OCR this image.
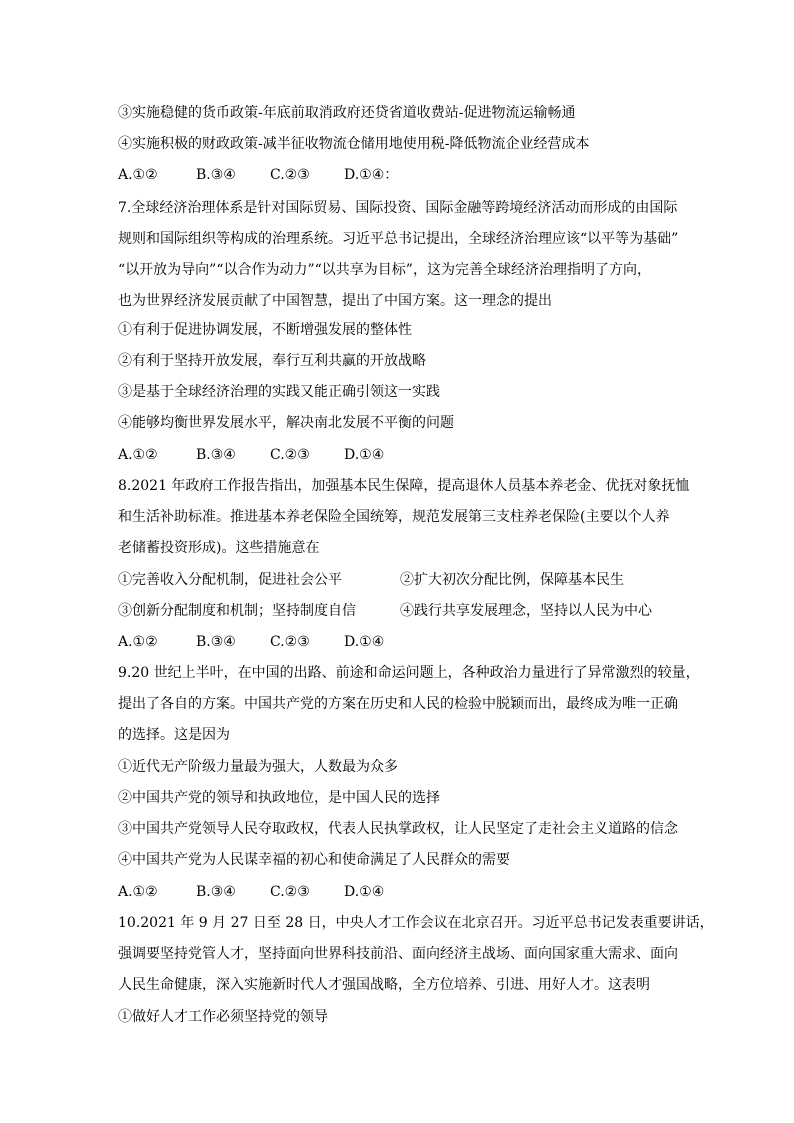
③实施稳健的货币政策-年底前取消政府还贷省道收费站-促进物流运输畅通
④实施积极的财政政策-减半征收物流仓储用地使用税-降低物流企业经营成本
A.①②	B.③④ C.②③ D.①④：
7.全球经济治理体系是针对国际贸易、国际投资、国际金融等跨境经济活动而形成的由国际
规则和国际组织等构成的治理系统。习近平总书记提出，全球经济治理应该“以平等为基础”
“以开放为导向”“以合作为动力”“以共享为目标”，这为完善全球经济治理指明了方向，
也为世界经济发展贡献了中国智慧，提出了中国方案。这一理念的提出
①有利于促进协调发展，不断增强发展的整体性
②有利于坚持开放发展，奉行互利共赢的开放战略
③是基于全球经济治理的实践又能正确引领这一实践
④能够均衡世界发展水平，解决南北发展不平衡的问题
A.①②	B.③④ C.②③ D.①④
8.2021 年政府工作报告指出，加强基本民生保障，提高退休人员基本养老金、优抚对象抚恤
和生活补助标准。推进基本养老保险全国统筹，规范发展第三支柱养老保险(主要以个人养
老储蓄投资形成)。这些措施意在
①完善收入分配机制，促进社会公平	②扩大初次分配比例，保障基本民生
③创新分配制度和机制；坚持制度自信	④践行共享发展理念，坚持以人民为中心
A.①②	B.③④ C.②③ D.①④
9.20 世纪上半叶，在中国的出路、前途和命运问题上，各种政治力量进行了异常激烈的较量，
提出了各自的方案。中国共产党的方案在历史和人民的检验中脱颖而出，最终成为唯一正确
的选择。这是因为
①近代无产阶级力量最为强大，人数最为众多
②中国共产党的领导和执政地位，是中国人民的选择
③中国共产党领导人民夺取政权，代表人民执掌政权，让人民坚定了走社会主义道路的信念
④中国共产党为人民谋幸福的初心和使命满足了人民群众的需要
A.①②	B.③④ C.②③ D.①④
10.2021 年 9 月 27 日至 28 日，中央人才工作会议在北京召开。习近平总书记发表重要讲话，
强调要坚持党管人才，坚持面向世界科技前沿、面向经济主战场、面向国家重大需求、面向
人民生命健康，深入实施新时代人才强国战略，全方位培养、引进、用好人才。这表明
①做好人才工作必须坚持党的领导
